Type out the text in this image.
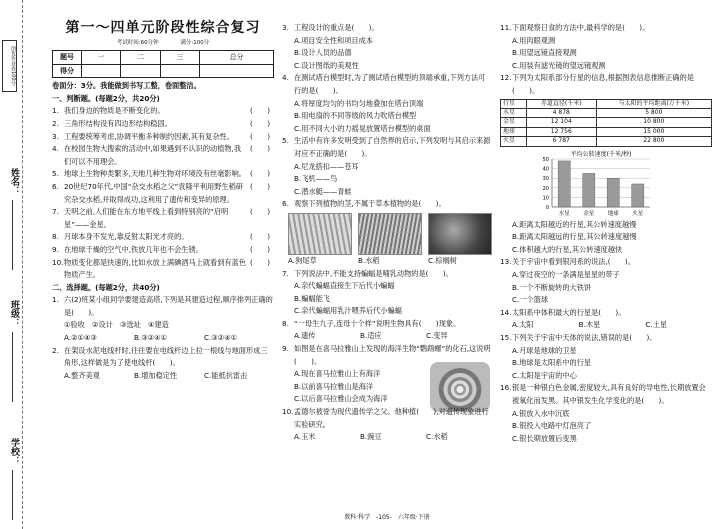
创优作业卷100分
姓名：
班级：
学校：
第一～四单元阶段性综合复习
考试时间:60分钟	满分:100分
题号	一	二	三	总分
得分				
卷面分：3分。我能做到书写工整，卷面整洁。
一、判断题。(每题2分，共20分)
1. 我们身边的物质是不断变化的。	(　　)
2. 三角形结构没有四边形结构稳固。	(　　)
3. 工程要统筹考虑,协调平衡多种制约因素,其有复杂性。 (　　)
4. 在校园生物大搜索的活动中,如果遇到不认识的动植物,我们可以不用理会。
(　　)
5. 地球上生物种类繁多,天地几种生物对环境没有丝毫影响。 (　　)
6. 20世纪70年代,中国“杂交水稻之父”袁隆平利用野生稻研究杂交水稻,并取得成功,这利用了遗传和变异的原理。
(　　)
7. 天明之前,人们能在东方地平线上看到特别亮的“启明星”——金星。
(　　)
8. 月球本身不发光,靠反射太阳光才亮的。	(　　)
9. 在地球干燥的空气中,铁放几年也不会生锈。	(　　)
10. 物质变化都是快速的,比如水放上满碘酒马上就看到有蓝色物质产生。
(　　)
二、选择题。(每题2分，共40分)
1. 六(2)班某小组同学要建造高塔,下列是其建造过程,顺序排列正确的是(　　)。
①验收　②设计　③选址　④建造
A.②①④③	B.③②④①	C.③②④①
2. 在架设水泥电线杆时,往往要在电线杆边上拉一根线与地面形成三角形,这样做是为了使电线杆(　　)。
A.整齐美观	B.增加稳定性	C.能抵抗雷击
3. 工程设计的重点是(　　)。
A.项目安全性和项目成本
B.设计人员的品德
C.设计图纸的美观性
4. 在测试塔台模型时,为了测试塔台模型的顶端承重,下列方法可行的是(　　)。
A.将厚度均匀的书均匀地叠加在塔台顶端
B.用电扇的不同等级的风力吹塔台模型
C.用不同大小的力摇晃放置塔台模型的桌面
5. 生活中有许多发明受到了自然界的启示,下列发明与其启示来源对应不正确的是(　　)。
A.尼龙搭扣——苍耳
B.飞机——鸟
C.潜水艇——青蛙
6. 观察下列植物的茎,不属于草本植物的是(　　)。
A.狗尾草	B.水稻	C.棕榈树
7. 下列说法中,不能支持蝙蝠是哺乳动物的是(　　)。
A.亲代蝙蝠直接生下后代小蝙蝠
B.蝙蝠能飞
C.亲代蝙蝠用乳汁喂养后代小蝙蝠
8. “一母生九子,连母十个样”说明生物具有(　　)现象。
A.遗传	B.适应	C.变异
9. 如图是在喜马拉雅山上发现的海洋生物“鹦鹉螺”的化石,这说明(　　)。
A.现在喜马拉雅山上有海洋
B.以前喜马拉雅山是海洋
C.以后喜马拉雅山会成为海洋
10. 孟德尔被誉为现代遗传学之父。他种植(　　),对遗传现象进行实验研究。
A.玉米	B.豌豆	C.水稻
11. 下面观察日食的方法中,最科学的是(　　)。
A.用肉眼观测
B.用望远镜直接观测
C.用装有滤光镜的望远镜观测
12. 下列为太阳系部分行星的信息,根据图表信息推断正确的是(　　)。
行星	赤道直径(千米)	与太阳的平均距离(万千米)
水星	4 878	5 800
金星	12 104	10 800
地球	12 756	15 000
火星	6 787	22 800
平均公转速度(千米/秒)
0
10
20
30
40
50
水星 金星 地球 火星
A.距离太阳越近的行星,其公转速度越慢
B.距离太阳越远的行星,其公转速度越慢
C.体积越大的行星,其公转速度越快
13. 关于宇宙中看到银河系的说法,(　　)。
A.穿过夜空的一条满是星星的带子
B.一个不断旋转的大铁饼
C.一个篮球
14. 太阳系中体积最大的行星是(　　)。
A.太阳	B.木星	C.土星
15. 下列关于宇宙中天体的说法,错误的是(　　)。
A.月球是地球的卫星
B.地球是太阳系中的行星
C.太阳是宇宙的中心
16. 银是一种银白色金属,密度较大,具有良好的导电性,长期放置会被氧化而发黑。其中银发生化学变化的是(　　)。
A.银放入水中沉底
B.银投入电路中灯泡亮了
C.银长期放置后变黑
教科·科学　-105-　六年级·下册
